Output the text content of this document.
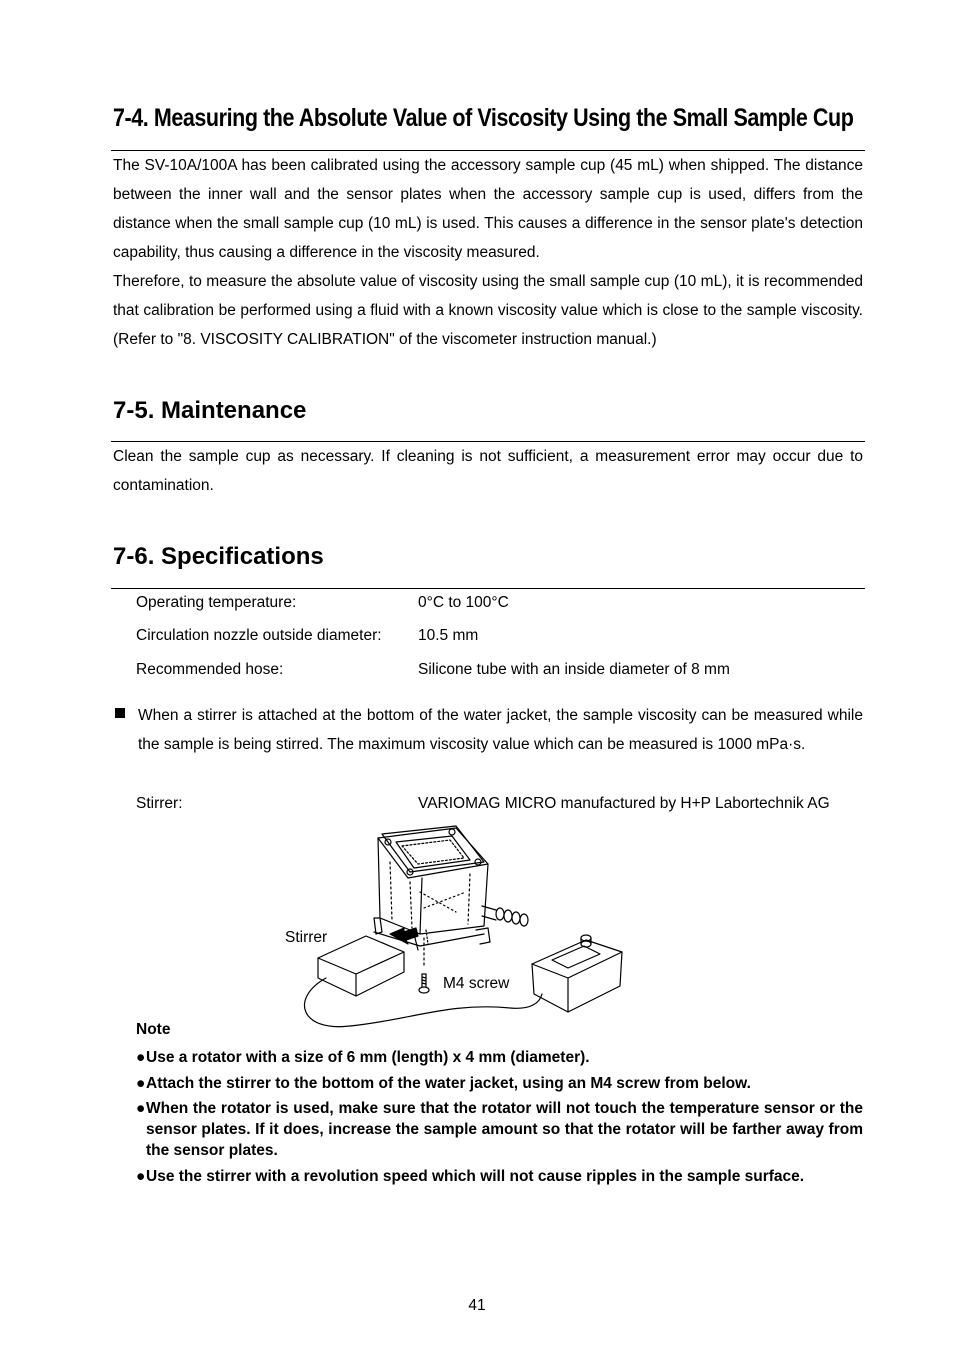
7-4. Measuring the Absolute Value of Viscosity Using the Small Sample Cup

The SV-10A/100A has been calibrated using the accessory sample cup (45 mL) when shipped. The distance between the inner wall and the sensor plates when the accessory sample cup is used, differs from the distance when the small sample cup (10 mL) is used. This causes a difference in the sensor plate's detection capability, thus causing a difference in the viscosity measured.

Therefore, to measure the absolute value of viscosity using the small sample cup (10 mL), it is recommended that calibration be performed using a fluid with a known viscosity value which is close to the sample viscosity. (Refer to "8. VISCOSITY CALIBRATION" of the viscometer instruction manual.)

7-5. Maintenance

Clean the sample cup as necessary. If cleaning is not sufficient, a measurement error may occur due to contamination.

7-6. Specifications
Operating temperature:	0°C to 100°C
Circulation nozzle outside diameter: 10.5 mm
Recommended hose:	Silicone tube with an inside diameter of 8 mm
When a stirrer is attached at the bottom of the water jacket, the sample viscosity can be measured while the sample is being stirred. The maximum viscosity value which can be measured is 1000 mPa·s.
Stirrer:	VARIOMAG MICRO manufactured by H+P Labortechnik AG
Stirrer
M4 screw
Note
● Use a rotator with a size of 6 mm (length) x 4 mm (diameter).
● Attach the stirrer to the bottom of the water jacket, using an M4 screw from below.
● When the rotator is used, make sure that the rotator will not touch the temperature sensor or the sensor plates. If it does, increase the sample amount so that the rotator will be farther away from the sensor plates.
● Use the stirrer with a revolution speed which will not cause ripples in the sample surface.
41
